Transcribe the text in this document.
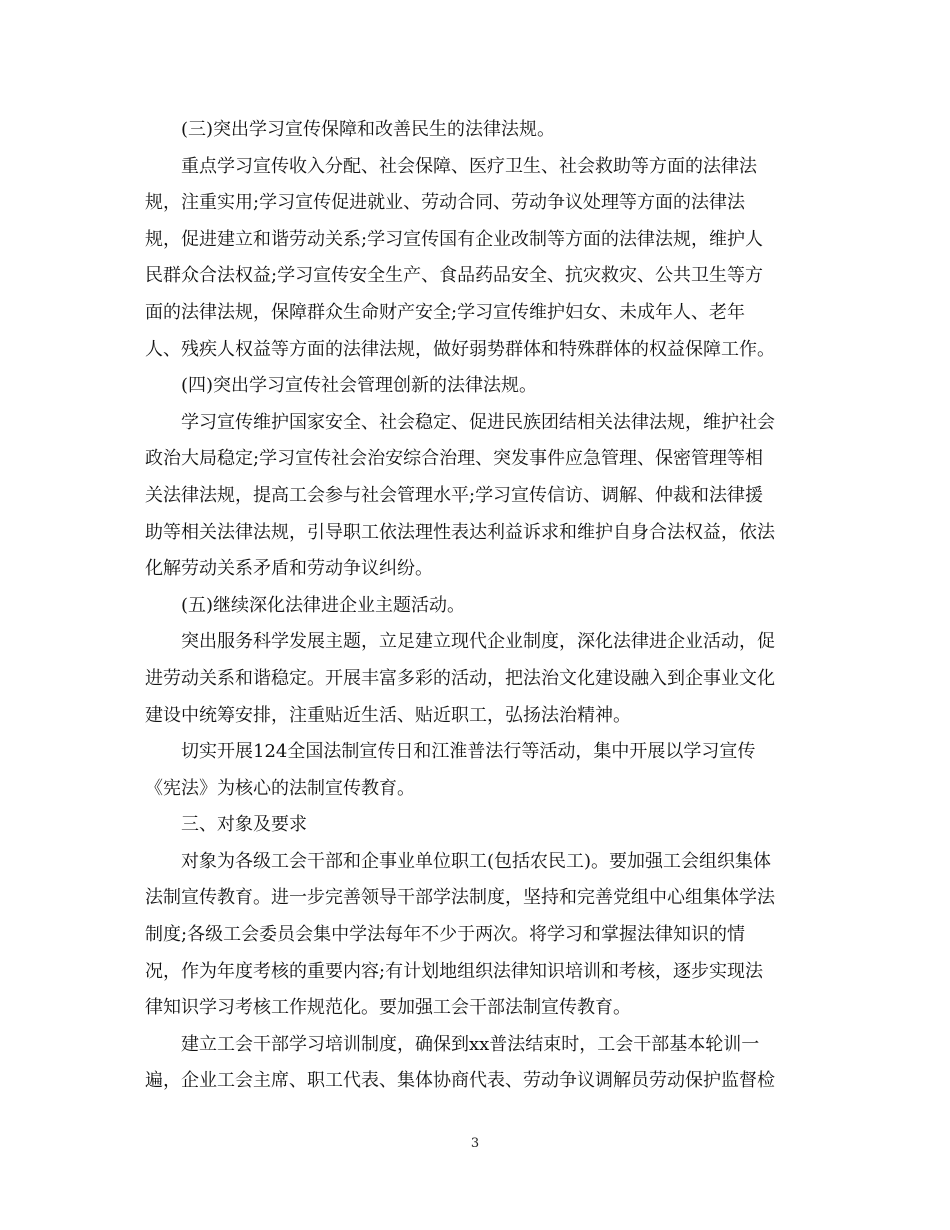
(三)突出学习宣传保障和改善民生的法律法规。
重点学习宣传收入分配、社会保障、医疗卫生、社会救助等方面的法律法
规，注重实用;学习宣传促进就业、劳动合同、劳动争议处理等方面的法律法
规，促进建立和谐劳动关系;学习宣传国有企业改制等方面的法律法规，维护人
民群众合法权益;学习宣传安全生产、食品药品安全、抗灾救灾、公共卫生等方
面的法律法规，保障群众生命财产安全;学习宣传维护妇女、未成年人、老年
人、残疾人权益等方面的法律法规，做好弱势群体和特殊群体的权益保障工作。
(四)突出学习宣传社会管理创新的法律法规。
学习宣传维护国家安全、社会稳定、促进民族团结相关法律法规，维护社会
政治大局稳定;学习宣传社会治安综合治理、突发事件应急管理、保密管理等相
关法律法规，提高工会参与社会管理水平;学习宣传信访、调解、仲裁和法律援
助等相关法律法规，引导职工依法理性表达利益诉求和维护自身合法权益，依法
化解劳动关系矛盾和劳动争议纠纷。
(五)继续深化法律进企业主题活动。
突出服务科学发展主题，立足建立现代企业制度，深化法律进企业活动，促
进劳动关系和谐稳定。开展丰富多彩的活动，把法治文化建设融入到企事业文化
建设中统筹安排，注重贴近生活、贴近职工，弘扬法治精神。
切实开展124全国法制宣传日和江淮普法行等活动，集中开展以学习宣传
《宪法》为核心的法制宣传教育。
三、对象及要求
对象为各级工会干部和企事业单位职工(包括农民工)。要加强工会组织集体
法制宣传教育。进一步完善领导干部学法制度，坚持和完善党组中心组集体学法
制度;各级工会委员会集中学法每年不少于两次。将学习和掌握法律知识的情
况，作为年度考核的重要内容;有计划地组织法律知识培训和考核，逐步实现法
律知识学习考核工作规范化。要加强工会干部法制宣传教育。
建立工会干部学习培训制度，确保到xx普法结束时，工会干部基本轮训一
遍，企业工会主席、职工代表、集体协商代表、劳动争议调解员劳动保护监督检
3
